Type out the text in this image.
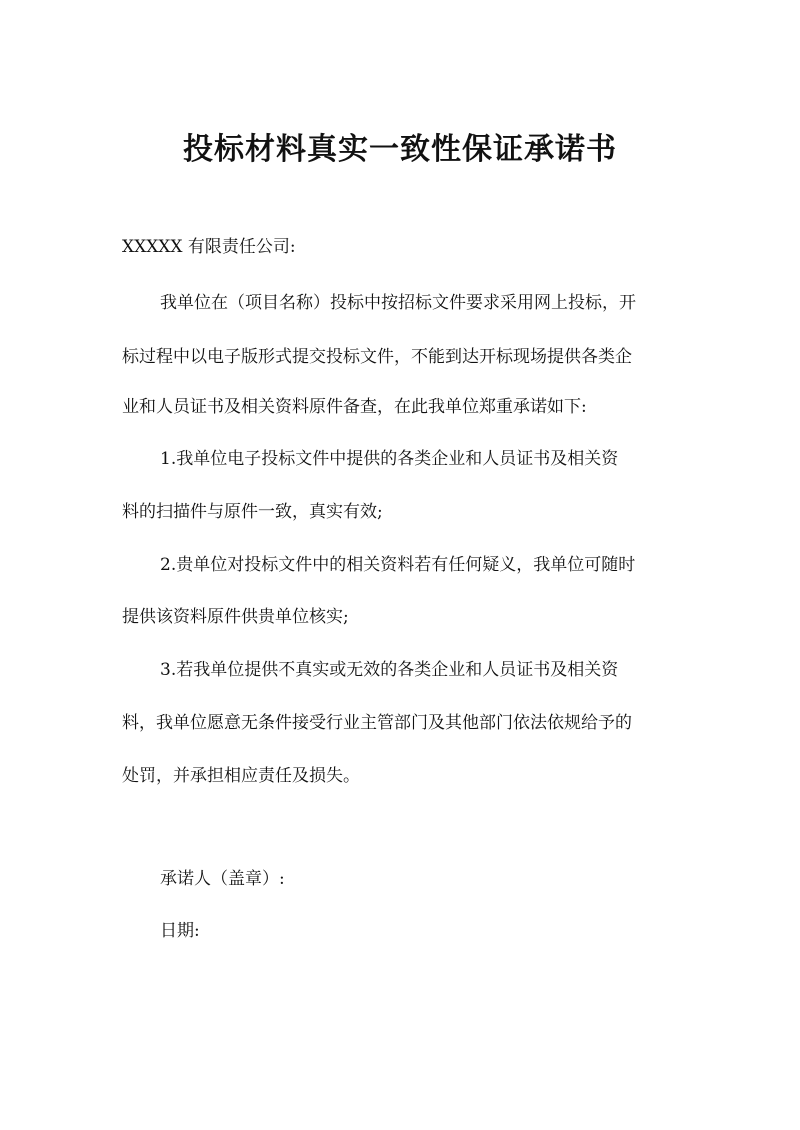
投标材料真实一致性保证承诺书
XXXXX 有限责任公司:
我单位在（项目名称）投标中按招标文件要求采用网上投标，开
标过程中以电子版形式提交投标文件，不能到达开标现场提供各类企
业和人员证书及相关资料原件备查，在此我单位郑重承诺如下:
1.我单位电子投标文件中提供的各类企业和人员证书及相关资
料的扫描件与原件一致，真实有效;
2.贵单位对投标文件中的相关资料若有任何疑义，我单位可随时
提供该资料原件供贵单位核实;
3.若我单位提供不真实或无效的各类企业和人员证书及相关资
料，我单位愿意无条件接受行业主管部门及其他部门依法依规给予的
处罚，并承担相应责任及损失。
承诺人（盖章）:
日期:
